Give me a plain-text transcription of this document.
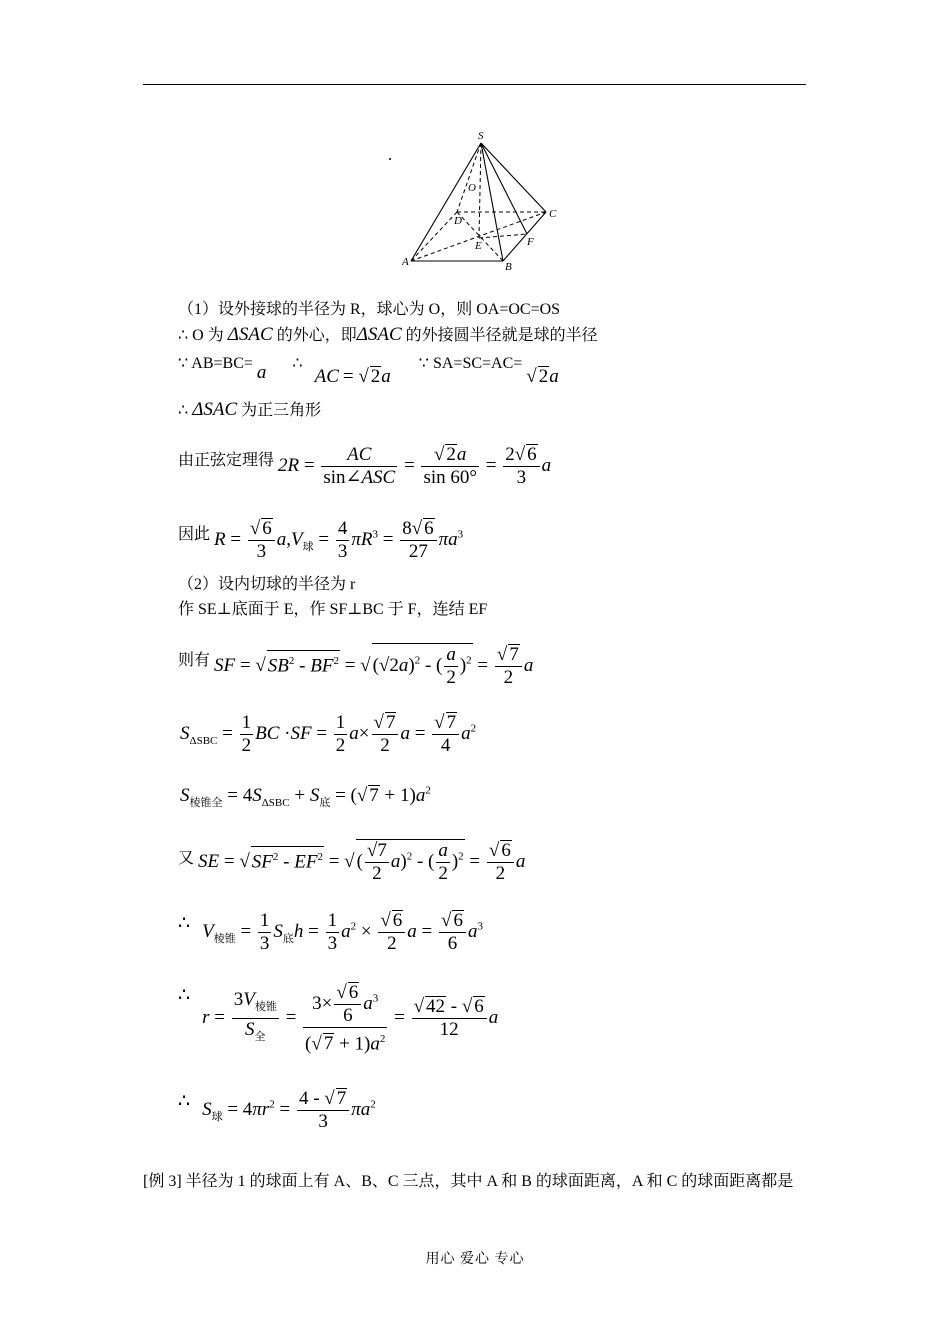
S
O
D
C
E	F
A	B
（1）设外接球的半径为 R，球心为 O，则 OA=OC=OS
∴ O 为 ΔSAC 的外心，即ΔSAC 的外接圆半径就是球的半径
∵ AB=BC= a ∴ AC = √ 2a ∵ SA=SC=AC= √ 2a
∴ ΔSAC 为正三角形
由正弦定理得 $2R = \frac{AC}{\text{sin∠ASC}} = \frac{√ 2a}{\sin 60^\circ} = \frac{2√ 6}{3}$ a
因此 $R = \frac{√ 6}{3} a,V_球 = \frac{4}{3} \pi R^3 = \frac{8√ 6}{27} \pi a^3$
（2）设内切球的半径为 r
作 SE⊥底面于 E，作 SF⊥BC 于 F，连结 EF
则有 SF = √ $SB^2 - BF^2$ = √ $(√2a)^2$ - ( $\frac{a}{2} )^2 = \frac{√ 7}{2}$ a
$S_{\Delta SBC} = \frac{1}{2}$ BC $\cdot SF = \frac{1}{2} a\times \frac{√ 7}{2}$ $a = \frac{√ 7}{4} a^2$
$S_{棱锥全} = 4S_{\Delta SBC} + S_底$ = (√ $7 + 1)a^2$
又 SE = √ $SF^2 - EF^2$ = √ ( $\frac{√7}{2} a)^2$ - ( $\frac{a}{2} )^2 = \frac{√ 6}{2}$ a
∴ $V_{棱锥} = \frac{1}{3} S_底h = \frac{1}{3} a^2 \times \frac{√ 6}{2}$ $a = \frac{√ 6}{6} a^3$
∴ $r = \frac{3V_{棱锥}}{S_全} = \frac{3\times \frac{√ 6}{6} a^3}{(√ 7 + 1)a^2} = \frac{√ 42 - √ 6}{12}$ a
∴ $S_球 = 4\pi r^2 = \frac{4 - √ 7}{3} \pi a^2$
[例 3] 半径为 1 的球面上有 A、B、C 三点，其中 A 和 B 的球面距离，A 和 C 的球面距离都是
用心 爱心 专心
